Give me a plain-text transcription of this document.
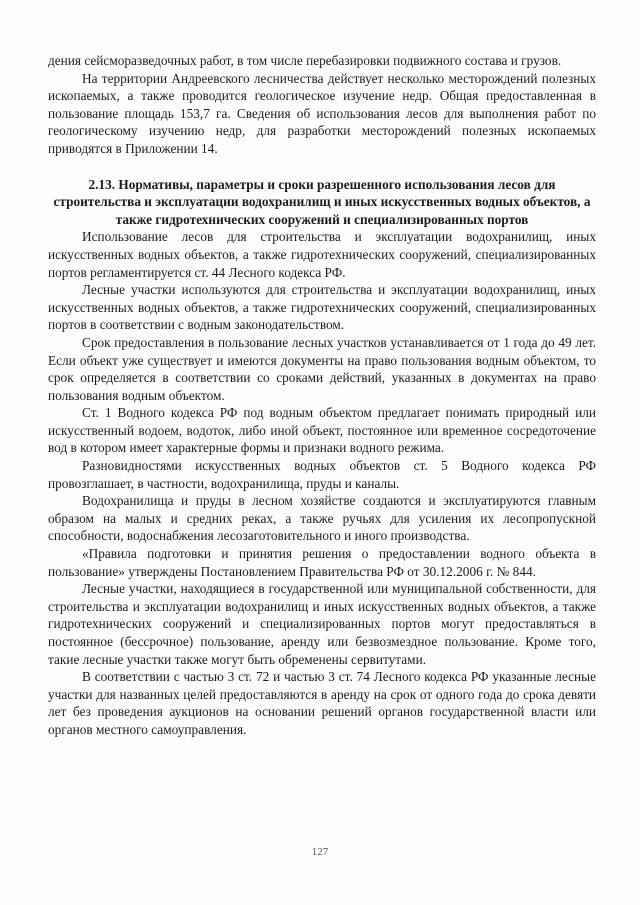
дения сейсморазведочных работ, в том числе перебазировки подвижного состава и грузов.

На территории Андреевского лесничества действует несколько месторождений полезных ископаемых, а также проводится геологическое изучение недр. Общая предоставленная в пользование площадь 153,7 га. Сведения об использования лесов для выполнения работ по геологическому изучению недр, для разработки месторождений полезных ископаемых приводятся в Приложении 14.

2.13. Нормативы, параметры и сроки разрешенного использования лесов для строительства и эксплуатации водохранилищ и иных искусственных водных объектов, а также гидротехнических сооружений и специализированных портов

Использование лесов для строительства и эксплуатации водохранилищ, иных искусственных водных объектов, а также гидротехнических сооружений, специализированных портов регламентируется ст. 44 Лесного кодекса РФ.

Лесные участки используются для строительства и эксплуатации водохранилищ, иных искусственных водных объектов, а также гидротехнических сооружений, специализированных портов в соответствии с водным законодательством.

Срок предоставления в пользование лесных участков устанавливается от 1 года до 49 лет. Если объект уже существует и имеются документы на право пользования водным объектом, то срок определяется в соответствии со сроками действий, указанных в документах на право пользования водным объектом.

Ст. 1 Водного кодекса РФ под водным объектом предлагает понимать природный или искусственный водоем, водоток, либо иной объект, постоянное или временное сосредоточение вод в котором имеет характерные формы и признаки водного режима.

Разновидностями искусственных водных объектов ст. 5 Водного кодекса РФ провозглашает, в частности, водохранилища, пруды и каналы.

Водохранилища и пруды в лесном хозяйстве создаются и эксплуатируются главным образом на малых и средних реках, а также ручьях для усиления их лесопропускной способности, водоснабжения лесозаготовительного и иного производства.

«Правила подготовки и принятия решения о предоставлении водного объекта в пользование» утверждены Постановлением Правительства РФ от 30.12.2006 г. № 844.

Лесные участки, находящиеся в государственной или муниципальной собственности, для строительства и эксплуатации водохранилищ и иных искусственных водных объектов, а также гидротехнических сооружений и специализированных портов могут предоставляться в постоянное (бессрочное) пользование, аренду или безвозмездное пользование. Кроме того, такие лесные участки также могут быть обременены сервитутами.

В соответствии с частью 3 ст. 72 и частью 3 ст. 74 Лесного кодекса РФ указанные лесные участки для названных целей предоставляются в аренду на срок от одного года до срока девяти лет без проведения аукционов на основании решений органов государственной власти или органов местного самоуправления.

127
